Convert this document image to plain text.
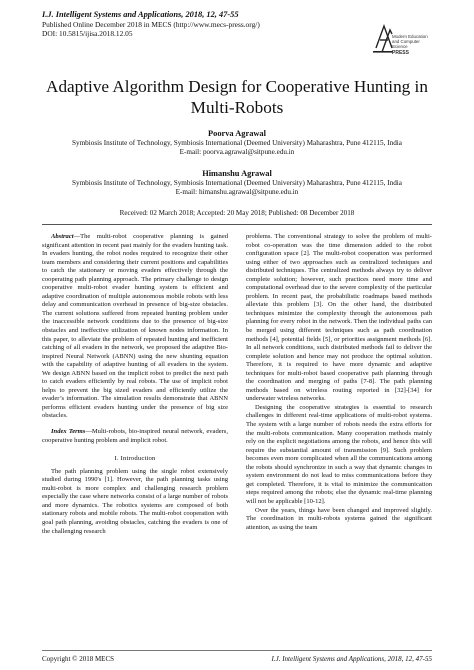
I.J. Intelligent Systems and Applications, 2018, 12, 47-55
Published Online December 2018 in MECS (http://www.mecs-press.org/)
DOI: 10.5815/ijisa.2018.12.05	Modern Education and Computer Science
PRESS
Adaptive Algorithm Design for Cooperative Hunting in Multi-Robots
Poorva Agrawal
Symbiosis Institute of Technology, Symbiosis International (Deemed University) Maharashtra, Pune 412115, India
E-mail: poorva.agrawal@sitpune.edu.in
Himanshu Agrawal
Symbiosis Institute of Technology, Symbiosis International (Deemed University) Maharashtra, Pune 412115, India
E-mail: himanshu.agrawal@sitpune.edu.in
Received: 02 March 2018; Accepted: 20 May 2018; Published: 08 December 2018

Abstract—The multi-robot cooperative planning is gained significant attention in recent past mainly for the evaders hunting task. In evaders hunting, the robot nodes required to recognize their other team members and considering their current positions and capabilities to catch the stationary or moving evaders effectively through the cooperating path planning approach. The primary challenge to design cooperative multi-robot evader hunting system is efficient and adaptive coordination of multiple autonomous mobile robots with less delay and communication overhead in presence of big-size obstacles. The current solutions suffered from repeated hunting problem under the inaccessible network conditions due to the presence of big-size obstacles and ineffective utilization of known nodes information. In this paper, to alleviate the problem of repeated hunting and inefficient catching of all evaders in the network, we proposed the adaptive Bio-inspired Neural Network (ABNN) using the new shunting equation with the capability of adaptive hunting of all evaders in the system. We design ABNN based on the implicit robot to predict the next path to catch evaders efficiently by real robots. The use of implicit robot helps to prevent the big sized evaders and efficiently utilize the evader’s information. The simulation results demonstrate that ABNN performs efficient evaders hunting under the presence of big size obstacles.

Index Terms—Multi-robots, bio-inspired neural network, evaders, cooperative hunting problem and implicit robot.

I. Introduction

The path planning problem using the single robot extensively studied during 1990's [1]. However, the path planning tasks using multi-robot is more complex and challenging research problem especially the case where networks consist of a large number of robots and more dynamics. The robotics systems are composed of both stationary robots and mobile robots. The multi-robot cooperation with goal path planning, avoiding obstacles, catching the evaders is one of the challenging research

problems. The conventional strategy to solve the problem of multi-robot co-operation was the time dimension added to the robot configuration space [2]. The multi-robot cooperation was performed using either of two approaches such as centralized techniques and distributed techniques. The centralized methods always try to deliver complete solution; however, such practices need more time and computational overhead due to the severe complexity of the particular problem. In recent past, the probabilistic roadmaps based methods alleviate this problem [3]. On the other hand, the distributed techniques minimize the complexity through the autonomous path planning for every robot in the network. Then the individual paths can be merged using different techniques such as path coordination methods [4], potential fields [5], or priorities assignment methods [6]. In all network conditions, such distributed methods fail to deliver the complete solution and hence may not produce the optimal solution. Therefore, it is required to have more dynamic and adaptive techniques for multi-robot based cooperative path planning through the coordination and merging of paths [7-8]. The path planning methods based on wireless routing reported in [32]-[34] for underwater wireless networks.

Designing the cooperative strategies is essential to research challenges in different real-time applications of multi-robot systems. The system with a large number of robots needs the extra efforts for the multi-robots communication. Many cooperation methods mainly rely on the explicit negotiations among the robots, and hence this will require the substantial amount of transmission [9]. Such problem becomes even more complicated when all the communications among the robots should synchronize in such a way that dynamic changes in system environment do not lead to miss communications before they get completed. Therefore, it is vital to minimize the communication steps required among the robots; else the dynamic real-time planning will not be applicable [10-12].

Over the years, things have been changed and improved slightly. The coordination in multi-robots systems gained the significant attention, as using the team

Copyright © 2018 MECS	I.J. Intelligent Systems and Applications, 2018, 12, 47-55
